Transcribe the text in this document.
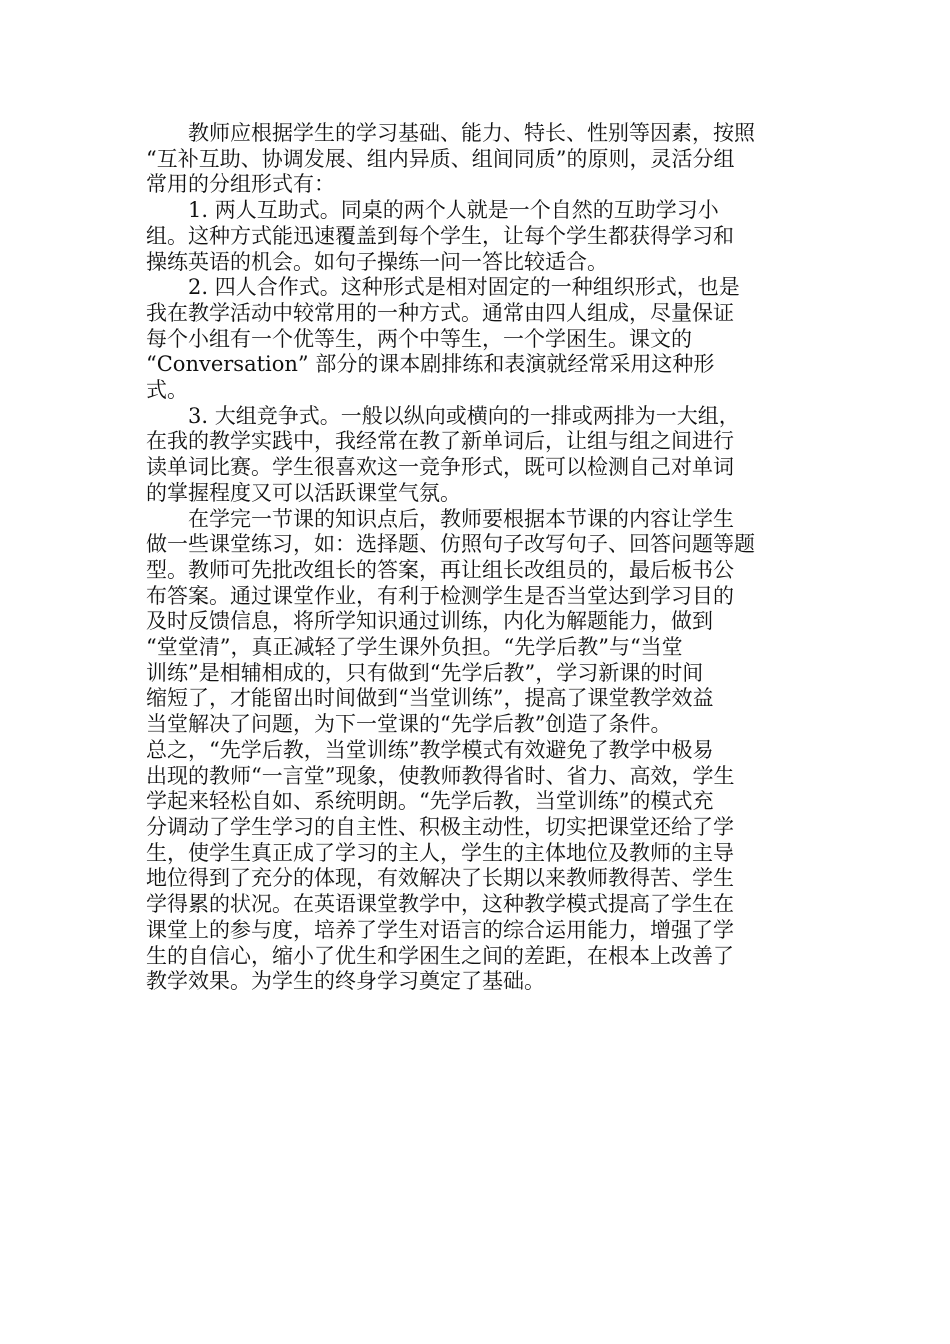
教师应根据学生的学习基础、能力、特长、性别等因素，按照
“互补互助、协调发展、组内异质、组间同质”的原则，灵活分组
常用的分组形式有：

1. 两人互助式。同桌的两个人就是一个自然的互助学习小
组。这种方式能迅速覆盖到每个学生，让每个学生都获得学习和
操练英语的机会。如句子操练一问一答比较适合。

2. 四人合作式。这种形式是相对固定的一种组织形式，也是
我在教学活动中较常用的一种方式。通常由四人组成，尽量保证
每个小组有一个优等生，两个中等生，一个学困生。课文的
“Conversation” 部分的课本剧排练和表演就经常采用这种形
式。

3. 大组竞争式。一般以纵向或横向的一排或两排为一大组，
在我的教学实践中，我经常在教了新单词后，让组与组之间进行
读单词比赛。学生很喜欢这一竞争形式，既可以检测自己对单词
的掌握程度又可以活跃课堂气氛。

在学完一节课的知识点后，教师要根据本节课的内容让学生
做一些课堂练习，如：选择题、仿照句子改写句子、回答问题等题
型。教师可先批改组长的答案，再让组长改组员的，最后板书公
布答案。通过课堂作业，有利于检测学生是否当堂达到学习目的
及时反馈信息，将所学知识通过训练，内化为解题能力，做到
“堂堂清”，真正减轻了学生课外负担。“先学后教”与“当堂
训练”是相辅相成的，只有做到“先学后教”，学习新课的时间
缩短了，才能留出时间做到“当堂训练”，提高了课堂教学效益
当堂解决了问题，为下一堂课的“先学后教”创造了条件。

总之，“先学后教，当堂训练”教学模式有效避免了教学中极易
出现的教师“一言堂”现象，使教师教得省时、省力、高效，学生
学起来轻松自如、系统明朗。“先学后教，当堂训练”的模式充
分调动了学生学习的自主性、积极主动性，切实把课堂还给了学
生，使学生真正成了学习的主人，学生的主体地位及教师的主导
地位得到了充分的体现，有效解决了长期以来教师教得苦、学生
学得累的状况。在英语课堂教学中，这种教学模式提高了学生在
课堂上的参与度，培养了学生对语言的综合运用能力，增强了学
生的自信心，缩小了优生和学困生之间的差距，在根本上改善了
教学效果。为学生的终身学习奠定了基础。
